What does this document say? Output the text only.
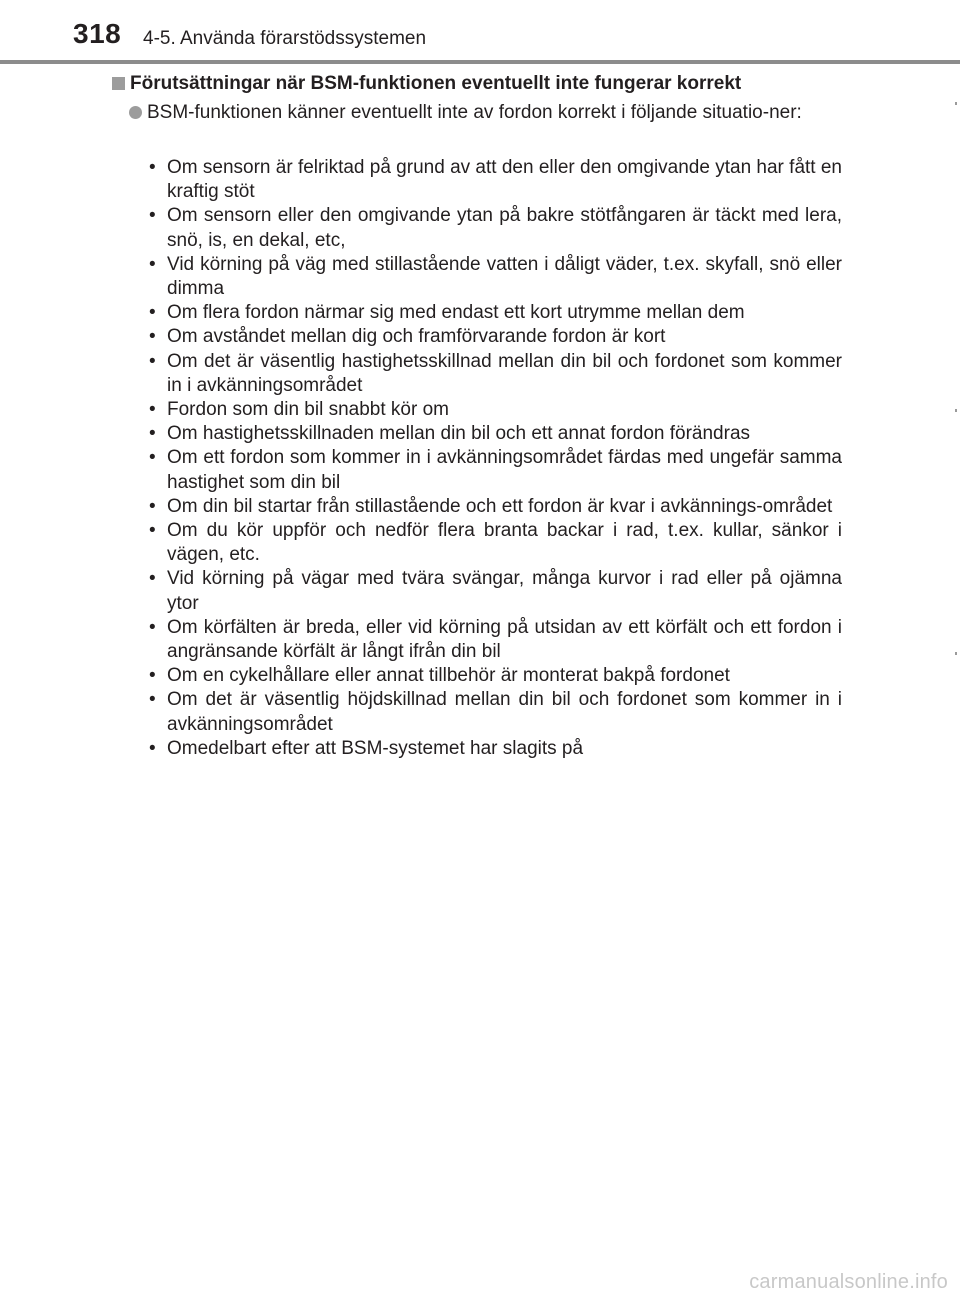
318 4-5. Använda förarstödssystemen
Förutsättningar när BSM-funktionen eventuellt inte fungerar korrekt
BSM-funktionen känner eventuellt inte av fordon korrekt i följande situatio-ner:
• Om sensorn är felriktad på grund av att den eller den omgivande ytan har fått en kraftig stöt
• Om sensorn eller den omgivande ytan på bakre stötfångaren är täckt med lera, snö, is, en dekal, etc,
• Vid körning på väg med stillastående vatten i dåligt väder, t.ex. skyfall, snö eller dimma
• Om flera fordon närmar sig med endast ett kort utrymme mellan dem
• Om avståndet mellan dig och framförvarande fordon är kort
• Om det är väsentlig hastighetsskillnad mellan din bil och fordonet som kommer in i avkänningsområdet
• Fordon som din bil snabbt kör om
• Om hastighetsskillnaden mellan din bil och ett annat fordon förändras
• Om ett fordon som kommer in i avkänningsområdet färdas med ungefär samma hastighet som din bil
• Om din bil startar från stillastående och ett fordon är kvar i avkännings-området
• Om du kör uppför och nedför flera branta backar i rad, t.ex. kullar, sänkor i vägen, etc.
• Vid körning på vägar med tvära svängar, många kurvor i rad eller på ojämna ytor
• Om körfälten är breda, eller vid körning på utsidan av ett körfält och ett fordon i angränsande körfält är långt ifrån din bil
• Om en cykelhållare eller annat tillbehör är monterat bakpå fordonet
• Om det är väsentlig höjdskillnad mellan din bil och fordonet som kommer in i avkänningsområdet
• Omedelbart efter att BSM-systemet har slagits på
carmanualsonline.info
